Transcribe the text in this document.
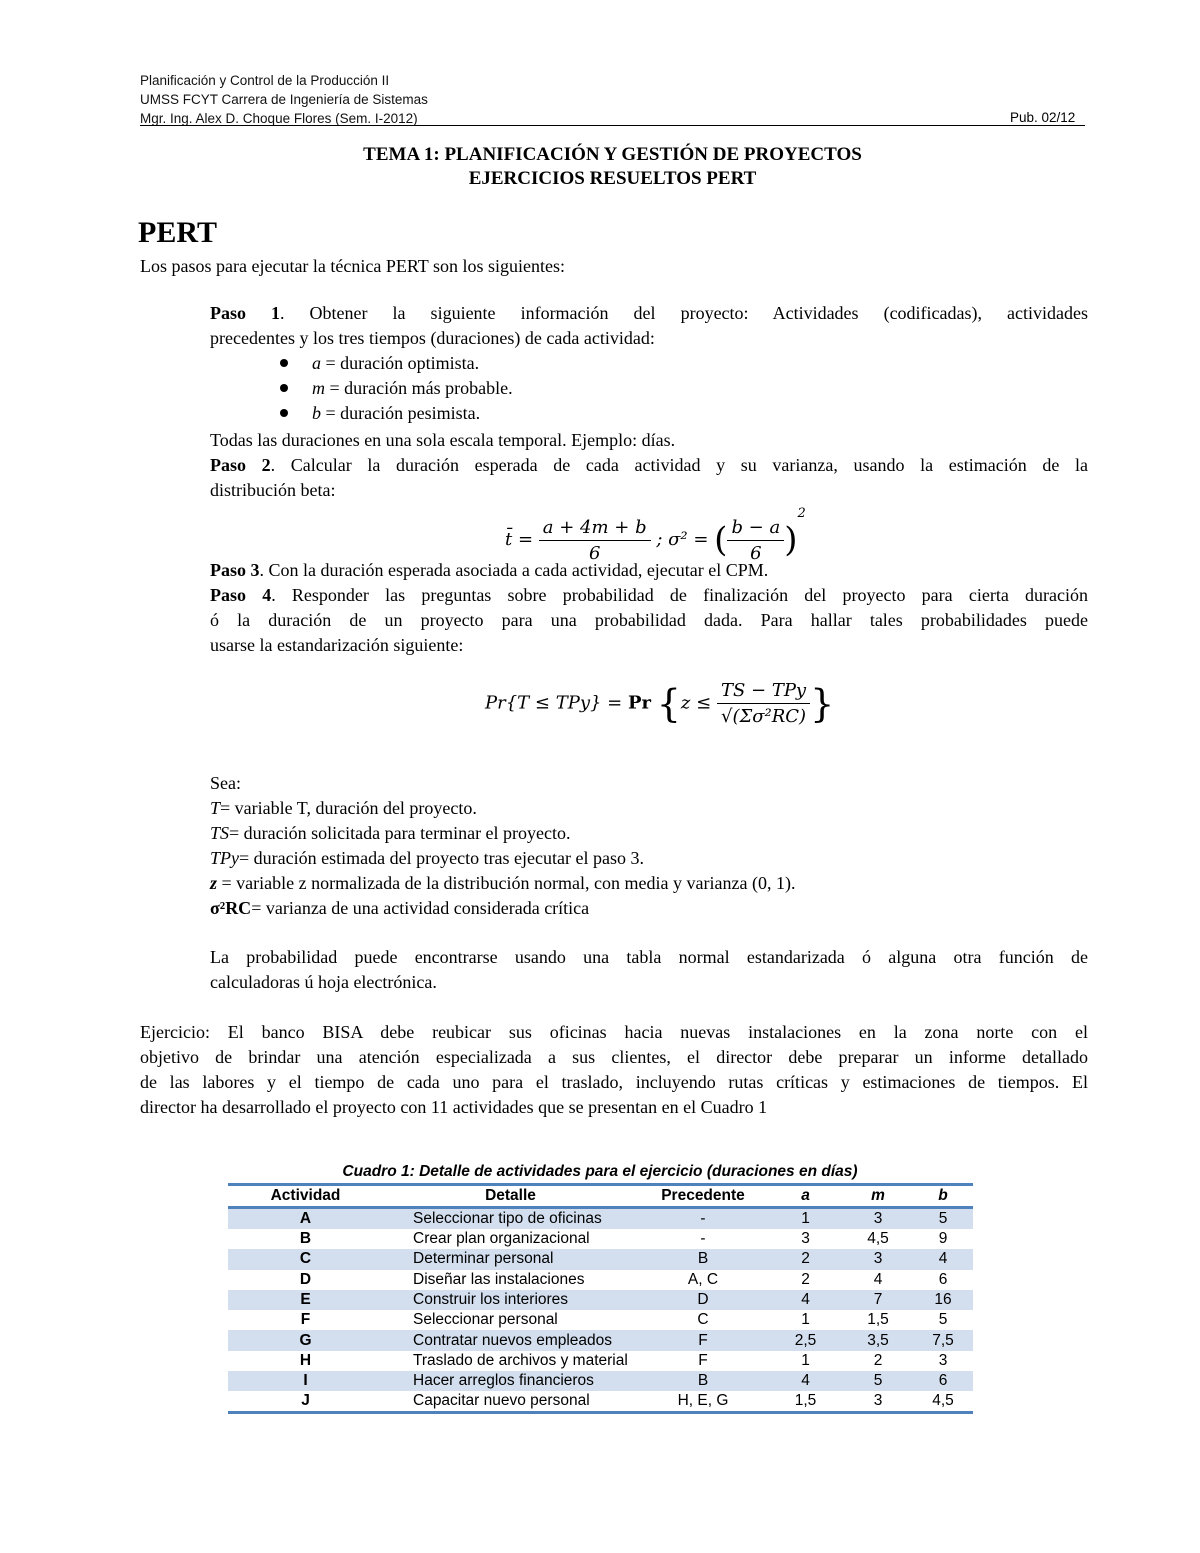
Planificación y Control de la Producción II
UMSS FCYT Carrera de Ingeniería de Sistemas
Mgr. Ing. Alex D. Choque Flores (Sem. I-2012)	Pub. 02/12
TEMA 1: PLANIFICACIÓN Y GESTIÓN DE PROYECTOS
EJERCICIOS RESUELTOS PERT
PERT
Los pasos para ejecutar la técnica PERT son los siguientes:
Paso 1. Obtener la siguiente información del proyecto: Actividades (codificadas), actividades
precedentes y los tres tiempos (duraciones) de cada actividad:
a = duración optimista.
m = duración más probable.
b = duración pesimista.
Todas las duraciones en una sola escala temporal. Ejemplo: días.
Paso 2. Calcular la duración esperada de cada actividad y su varianza, usando la estimación de la
distribución beta:
t̄ = $\frac{a + 4m + b}{6}$ ; σ² = ( $\frac{b - a}{6} )^2$
Paso 3. Con la duración esperada asociada a cada actividad, ejecutar el CPM.
Paso 4. Responder las preguntas sobre probabilidad de finalización del proyecto para cierta duración
ó la duración de un proyecto para una probabilidad dada. Para hallar tales probabilidades puede
usarse la estandarización siguiente:
Pr{T ≤ TPy} = Pr {$z \le \frac{\text{TS − TPy}}{\text{√(Σσ²RC)}}$ }
Sea:
T= variable T, duración del proyecto.
TS= duración solicitada para terminar el proyecto.
TPy= duración estimada del proyecto tras ejecutar el paso 3.
z = variable z normalizada de la distribución normal, con media y varianza (0, 1).
σ²RC= varianza de una actividad considerada crítica
La probabilidad puede encontrarse usando una tabla normal estandarizada ó alguna otra función de
calculadoras ú hoja electrónica.
Ejercicio: El banco BISA debe reubicar sus oficinas hacia nuevas instalaciones en la zona norte con el
objetivo de brindar una atención especializada a sus clientes, el director debe preparar un informe detallado
de las labores y el tiempo de cada uno para el traslado, incluyendo rutas críticas y estimaciones de tiempos. El
director ha desarrollado el proyecto con 11 actividades que se presentan en el Cuadro 1
Cuadro 1: Detalle de actividades para el ejercicio (duraciones en días)
Actividad	Detalle	Precedente	a	m	b
A	Seleccionar tipo de oficinas	-	1	3	5
B	Crear plan organizacional	-	3	4,5	9
C	Determinar personal	B	2	3	4
D	Diseñar las instalaciones	A, C	2	4	6
E	Construir los interiores	D	4	7	16
F	Seleccionar personal	C	1	1,5	5
G	Contratar nuevos empleados	F	2,5	3,5	7,5
H	Traslado de archivos y material	F	1	2	3
I	Hacer arreglos financieros	B	4	5	6
J	Capacitar nuevo personal	H, E, G	1,5	3	4,5
